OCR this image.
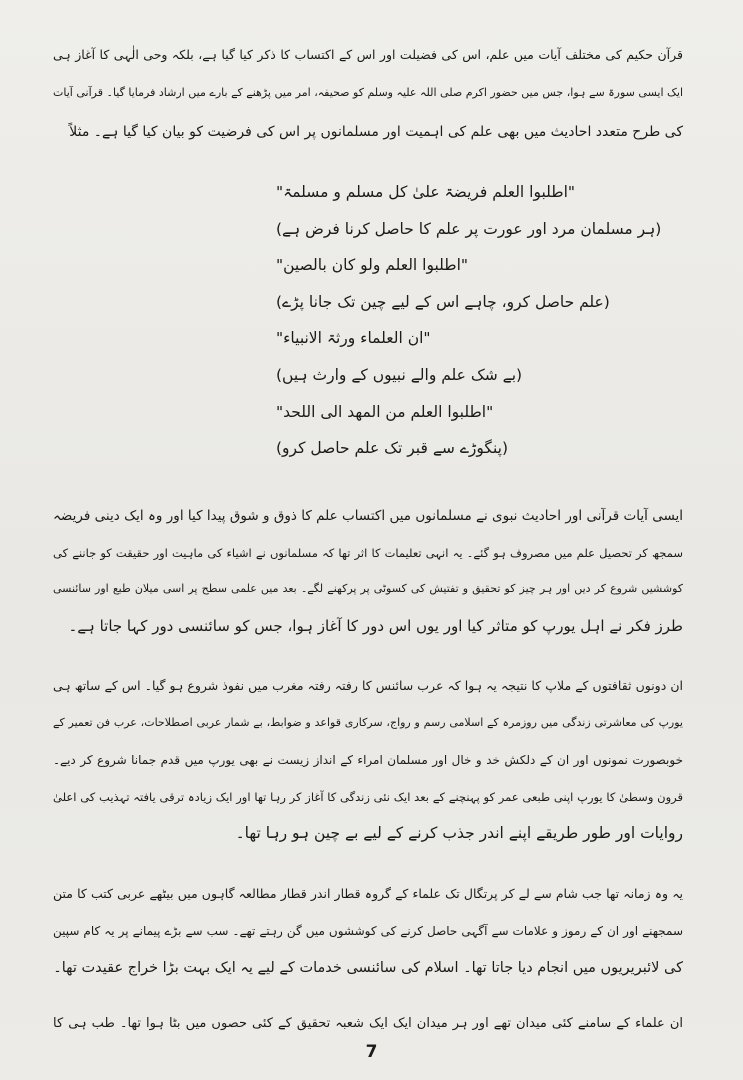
قرآن حکیم کی مختلف آیات میں علم، اس کی فضیلت اور اس کے اکتساب کا ذکر کیا گیا ہے، بلکہ وحی الٰہی کا آغاز ہی
ایک ایسی سورۃ سے ہوا، جس میں حضور اکرم صلی اللہ علیہ وسلم کو صحیفہ، امر میں پڑھنے کے بارے میں ارشاد فرمایا گیا۔ قرآنی آیات
کی طرح متعدد احادیث میں بھی علم کی اہمیت اور مسلمانوں پر اس کی فرضیت کو بیان کیا گیا ہے۔ مثلاً
"اطلبوا العلم فریضۃ علیٰ کل مسلم و مسلمۃ"
(ہر مسلمان مرد اور عورت پر علم کا حاصل کرنا فرض ہے)
"اطلبوا العلم ولو کان بالصین"
(علم حاصل کرو، چاہے اس کے لیے چین تک جانا پڑے)
"ان العلماء ورثۃ الانبیاء"
(بے شک علم والے نبیوں کے وارث ہیں)
"اطلبوا العلم من المھد الی اللحد"
(پنگوڑے سے قبر تک علم حاصل کرو)
ایسی آیات قرآنی اور احادیث نبوی نے مسلمانوں میں اکتساب علم کا ذوق و شوق پیدا کیا اور وہ ایک دینی فریضہ
سمجھ کر تحصیل علم میں مصروف ہو گئے۔ یہ انہی تعلیمات کا اثر تھا کہ مسلمانوں نے اشیاء کی ماہیت اور حقیقت کو جاننے کی
کوششیں شروع کر دیں اور ہر چیز کو تحقیق و تفتیش کی کسوٹی پر پرکھنے لگے۔ بعد میں علمی سطح پر اسی میلان طبع اور سائنسی
طرز فکر نے اہل یورپ کو متاثر کیا اور یوں اس دور کا آغاز ہوا، جس کو سائنسی دور کہا جاتا ہے۔
ان دونوں ثقافتوں کے ملاپ کا نتیجہ یہ ہوا کہ عرب سائنس کا رفتہ رفتہ مغرب میں نفوذ شروع ہو گیا۔ اس کے ساتھ ہی
یورپ کی معاشرتی زندگی میں روزمرہ کے اسلامی رسم و رواج، سرکاری قواعد و ضوابط، بے شمار عربی اصطلاحات، عرب فن تعمیر کے
خوبصورت نمونوں اور ان کے دلکش خد و خال اور مسلمان امراء کے انداز زیست نے بھی یورپ میں قدم جمانا شروع کر دیے۔
قرون وسطیٰ کا یورپ اپنی طبعی عمر کو پہنچنے کے بعد ایک نئی زندگی کا آغاز کر رہا تھا اور ایک زیادہ ترقی یافتہ تہذیب کی اعلیٰ
روایات اور طور طریقے اپنے اندر جذب کرنے کے لیے بے چین ہو رہا تھا۔
یہ وہ زمانہ تھا جب شام سے لے کر پرتگال تک علماء کے گروہ قطار اندر قطار مطالعہ گاہوں میں بیٹھے عربی کتب کا متن
سمجھنے اور ان کے رموز و علامات سے آگہی حاصل کرنے کی کوششوں میں گن رہتے تھے۔ سب سے بڑے پیمانے پر یہ کام سپین
کی لائبریریوں میں انجام دیا جاتا تھا۔ اسلام کی سائنسی خدمات کے لیے یہ ایک بہت بڑا خراج عقیدت تھا۔
ان علماء کے سامنے کئی میدان تھے اور ہر میدان ایک ایک شعبہ تحقیق کے کئی حصوں میں بٹا ہوا تھا۔ طب ہی کا
7
